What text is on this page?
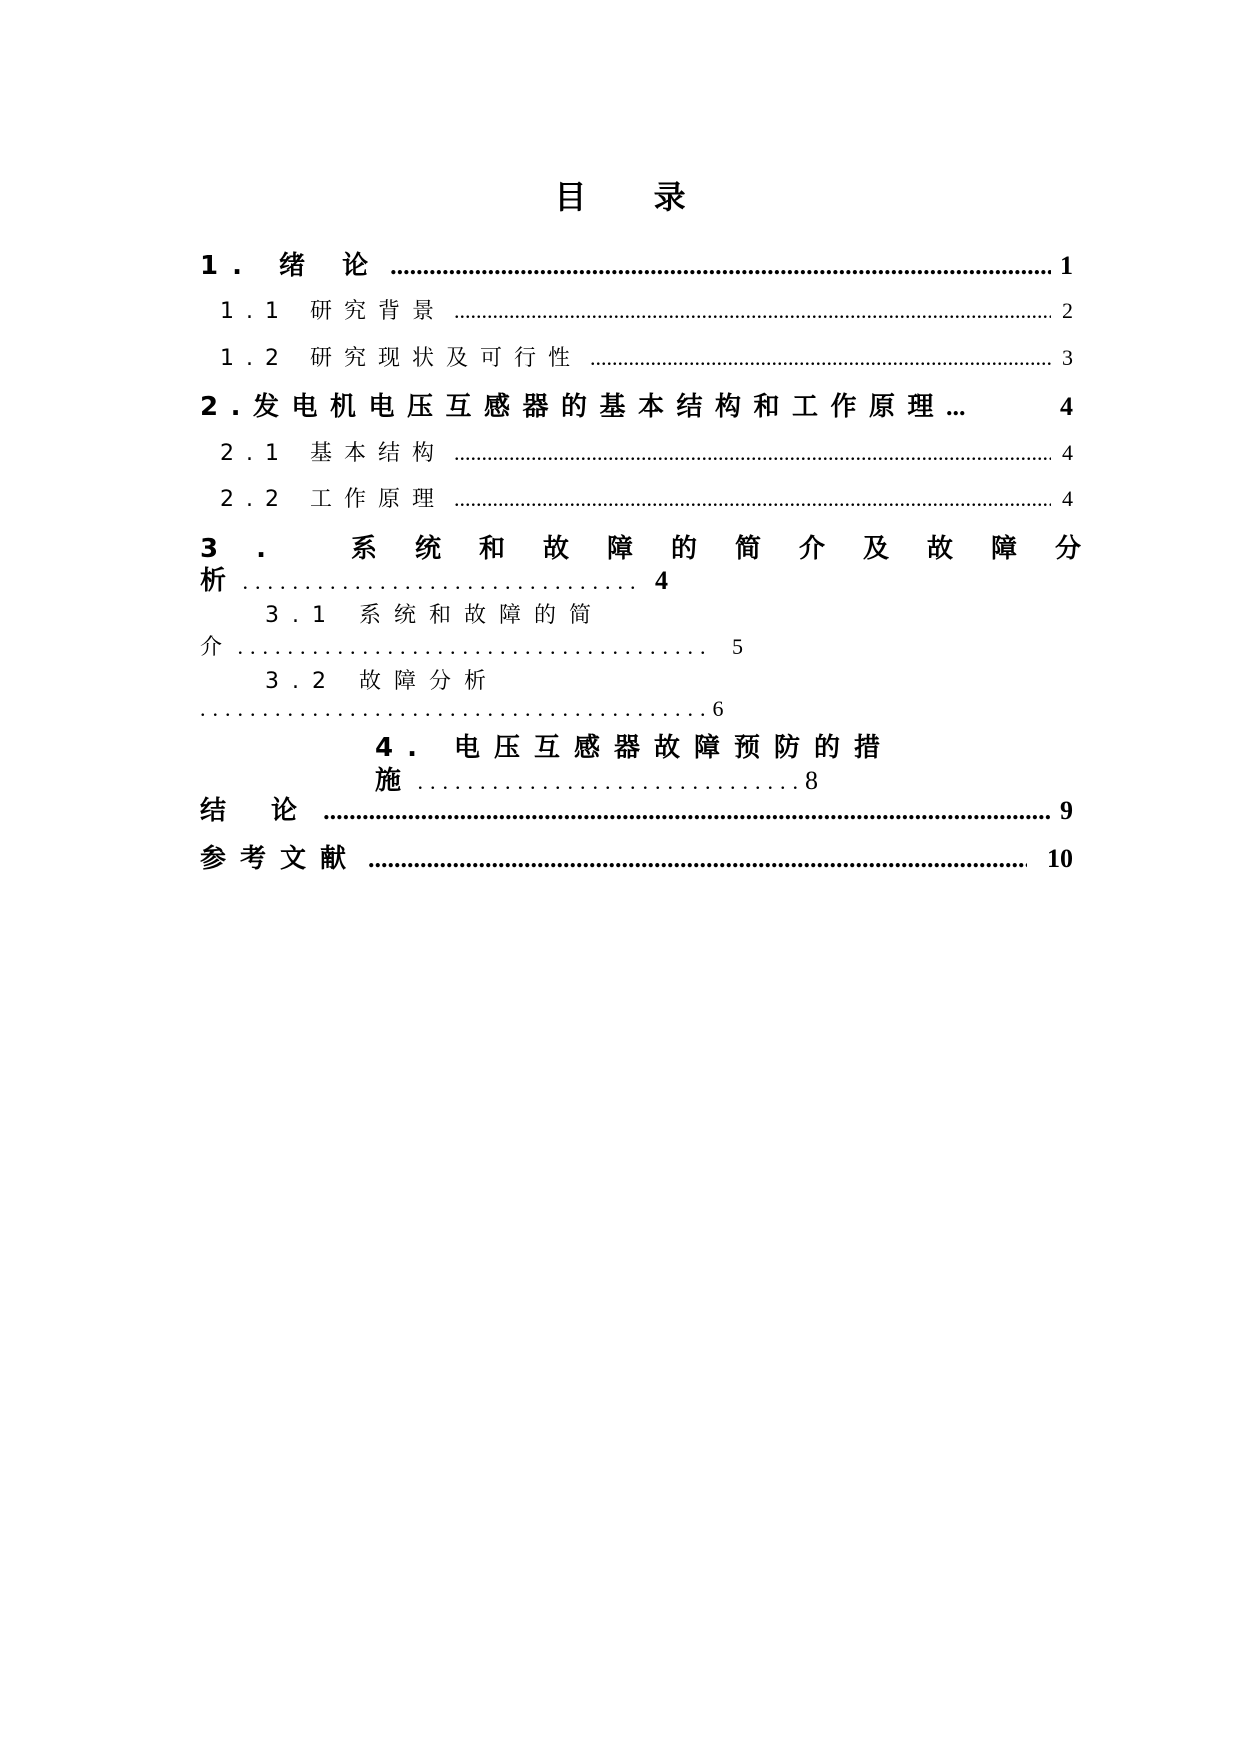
目 录
1. 绪 论 .....	1
1.1 研究背景 .....	2
1.2 研究现状及可行性 .....	3
2.发电机电压互感器的基本结构和工作原理 ...	4
2.1 基本结构 .....	4
2.2 工作原理 .....	4
3. 系统和故障的简介及故障分
析 ................................ 4
3.1 系统和故障的简
介 ...................................... 5
3.2 故障分析
.........................................6
4. 电压互感器故障预防的措
施 ...............................8
结 论 .....	9
参考文献 .....	10
